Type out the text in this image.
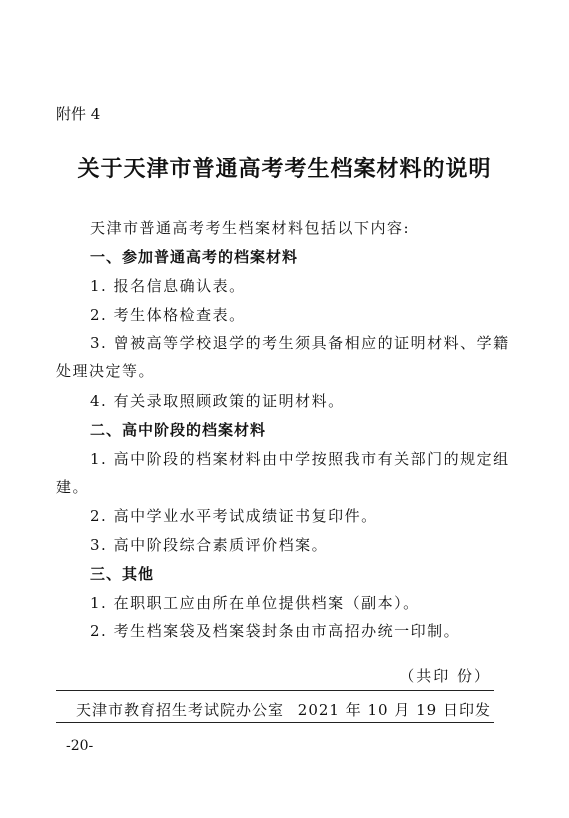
附件 4
关于天津市普通高考考生档案材料的说明
天津市普通高考考生档案材料包括以下内容:
一、参加普通高考的档案材料
1. 报名信息确认表。
2. 考生体格检查表。
3. 曾被高等学校退学的考生须具备相应的证明材料、学籍
处理决定等。
4. 有关录取照顾政策的证明材料。
二、高中阶段的档案材料
1. 高中阶段的档案材料由中学按照我市有关部门的规定组
建。
2. 高中学业水平考试成绩证书复印件。
3. 高中阶段综合素质评价档案。
三、其他
1. 在职职工应由所在单位提供档案（副本）。
2. 考生档案袋及档案袋封条由市高招办统一印制。
（共印 份）
天津市教育招生考试院办公室 2021 年 10 月 19 日印发
-20-
